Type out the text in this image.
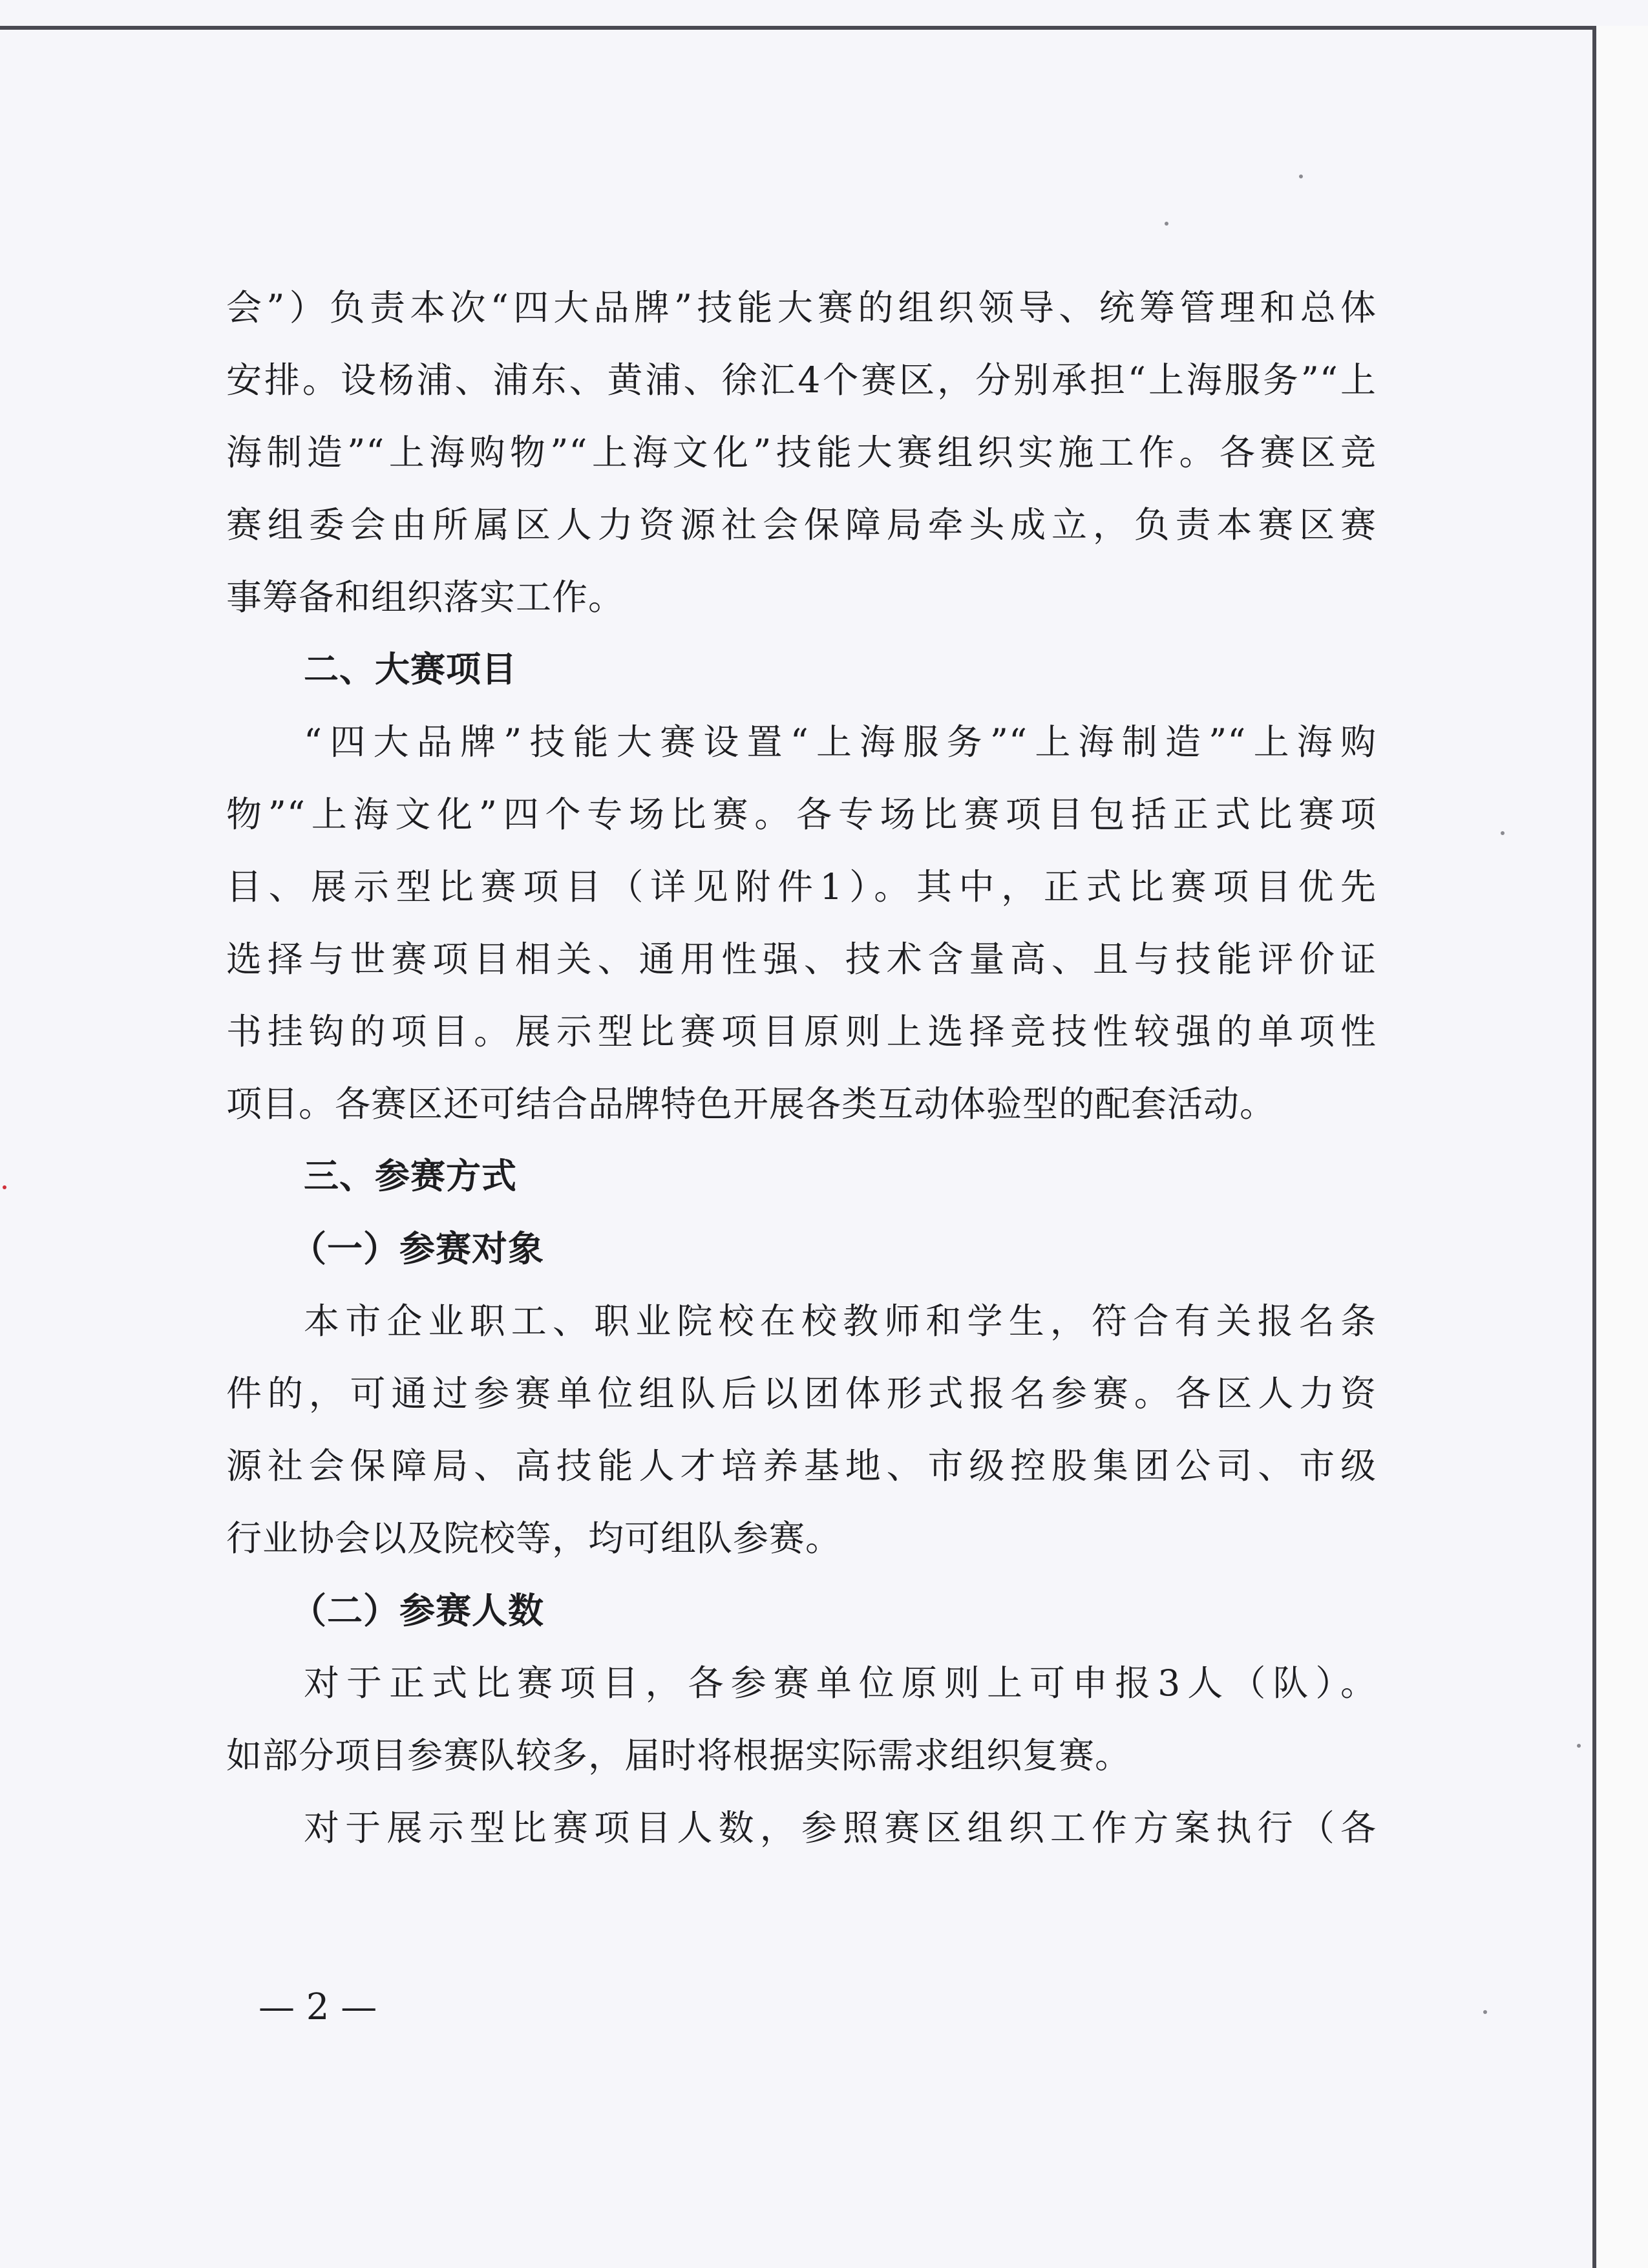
会”）负责本次“四大品牌”技能大赛的组织领导、统筹管理和总体
安排。设杨浦、浦东、黄浦、徐汇4个赛区，分别承担“上海服务”“上
海制造”“上海购物”“上海文化”技能大赛组织实施工作。各赛区竞
赛组委会由所属区人力资源社会保障局牵头成立，负责本赛区赛
事筹备和组织落实工作。
二、大赛项目
“四大品牌”技能大赛设置“上海服务”“上海制造”“上海购
物”“上海文化”四个专场比赛。各专场比赛项目包括正式比赛项
目、展示型比赛项目（详见附件1）。其中，正式比赛项目优先
选择与世赛项目相关、通用性强、技术含量高、且与技能评价证
书挂钩的项目。展示型比赛项目原则上选择竞技性较强的单项性
项目。各赛区还可结合品牌特色开展各类互动体验型的配套活动。
三、参赛方式
（一）参赛对象
本市企业职工、职业院校在校教师和学生，符合有关报名条
件的，可通过参赛单位组队后以团体形式报名参赛。各区人力资
源社会保障局、高技能人才培养基地、市级控股集团公司、市级
行业协会以及院校等，均可组队参赛。
（二）参赛人数
对于正式比赛项目，各参赛单位原则上可申报3人（队）。
如部分项目参赛队较多，届时将根据实际需求组织复赛。
对于展示型比赛项目人数，参照赛区组织工作方案执行（各
— 2 —
